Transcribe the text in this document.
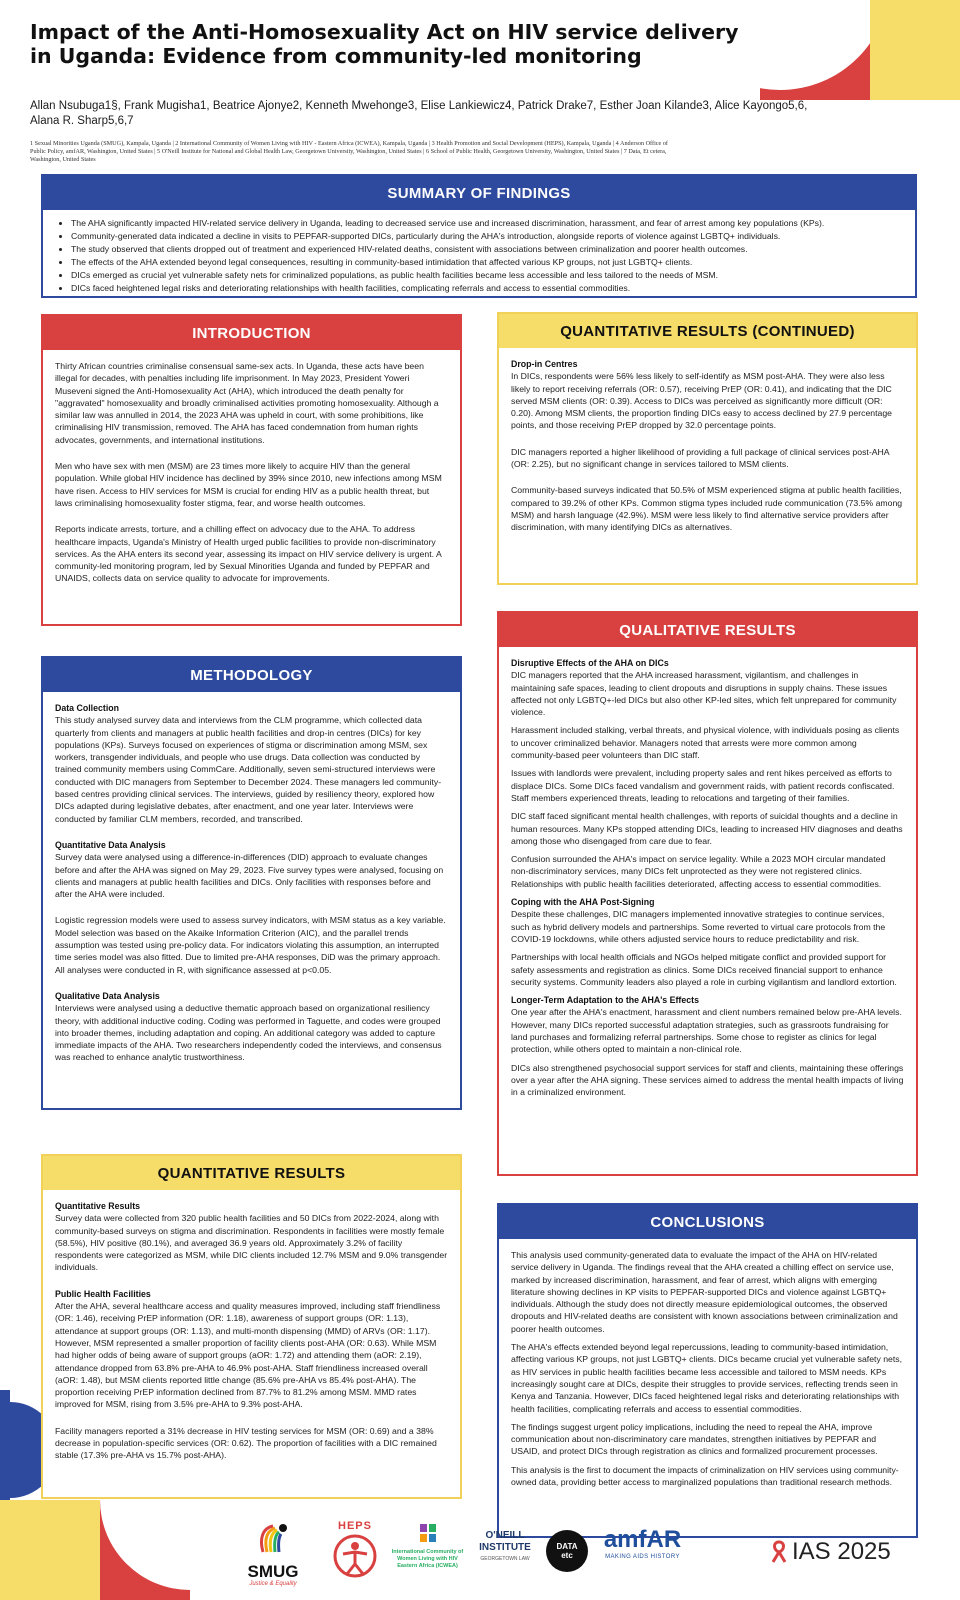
Impact of the Anti-Homosexuality Act on HIV service delivery in Uganda: Evidence from community-led monitoring
Allan Nsubuga1§, Frank Mugisha1, Beatrice Ajonye2, Kenneth Mwehonge3, Elise Lankiewicz4, Patrick Drake7, Esther Joan Kilande3, Alice Kayongo5,6, Alana R. Sharp5,6,7
1 Sexual Minorities Uganda (SMUG), Kampala, Uganda | 2 International Community of Women Living with HIV - Eastern Africa (ICWEA), Kampala, Uganda | 3 Health Promotion and Social Development (HEPS), Kampala, Uganda | 4 Anderson Office of Public Policy, amfAR, Washington, United States | 5 O'Neill Institute for National and Global Health Law, Georgetown University, Washington, United States | 6 School of Public Health, Georgetown University, Washington, United States | 7 Data, Et cetera, Washington, United States
SUMMARY OF FINDINGS
• The AHA significantly impacted HIV-related service delivery in Uganda, leading to decreased service use and increased discrimination, harassment, and fear of arrest among key populations (KPs).
• Community-generated data indicated a decline in visits to PEPFAR-supported DICs, particularly during the AHA's introduction, alongside reports of violence against LGBTQ+ individuals.
• The study observed that clients dropped out of treatment and experienced HIV-related deaths, consistent with associations between criminalization and poorer health outcomes.
• The effects of the AHA extended beyond legal consequences, resulting in community-based intimidation that affected various KP groups, not just LGBTQ+ clients.
• DICs emerged as crucial yet vulnerable safety nets for criminalized populations, as public health facilities became less accessible and less tailored to the needs of MSM.
• DICs faced heightened legal risks and deteriorating relationships with health facilities, complicating referrals and access to essential commodities.
INTRODUCTION

Thirty African countries criminalise consensual same-sex acts. In Uganda, these acts have been illegal for decades, with penalties including life imprisonment. In May 2023, President Yoweri Museveni signed the Anti-Homosexuality Act (AHA), which introduced the death penalty for "aggravated" homosexuality and broadly criminalised activities promoting homosexuality. Although a similar law was annulled in 2014, the 2023 AHA was upheld in court, with some prohibitions, like criminalising HIV transmission, removed. The AHA has faced condemnation from human rights advocates, governments, and international institutions.

Men who have sex with men (MSM) are 23 times more likely to acquire HIV than the general population. While global HIV incidence has declined by 39% since 2010, new infections among MSM have risen. Access to HIV services for MSM is crucial for ending HIV as a public health threat, but laws criminalising homosexuality foster stigma, fear, and worse health outcomes.

Reports indicate arrests, torture, and a chilling effect on advocacy due to the AHA. To address healthcare impacts, Uganda's Ministry of Health urged public facilities to provide non-discriminatory services. As the AHA enters its second year, assessing its impact on HIV service delivery is urgent. A community-led monitoring program, led by Sexual Minorities Uganda and funded by PEPFAR and UNAIDS, collects data on service quality to advocate for improvements.

METHODOLOGY
Data Collection

This study analysed survey data and interviews from the CLM programme, which collected data quarterly from clients and managers at public health facilities and drop-in centres (DICs) for key populations (KPs). Surveys focused on experiences of stigma or discrimination among MSM, sex workers, transgender individuals, and people who use drugs. Data collection was conducted by trained community members using CommCare. Additionally, seven semi-structured interviews were conducted with DIC managers from September to December 2024. These managers led community-based centres providing clinical services. The interviews, guided by resiliency theory, explored how DICs adapted during legislative debates, after enactment, and one year later. Interviews were conducted by familiar CLM members, recorded, and transcribed.

Quantitative Data Analysis

Survey data were analysed using a difference-in-differences (DID) approach to evaluate changes before and after the AHA was signed on May 29, 2023. Five survey types were analysed, focusing on clients and managers at public health facilities and DICs. Only facilities with responses before and after the AHA were included.

Logistic regression models were used to assess survey indicators, with MSM status as a key variable. Model selection was based on the Akaike Information Criterion (AIC), and the parallel trends assumption was tested using pre-policy data. For indicators violating this assumption, an interrupted time series model was also fitted. Due to limited pre-AHA responses, DiD was the primary approach. All analyses were conducted in R, with significance assessed at p<0.05.

Qualitative Data Analysis

Interviews were analysed using a deductive thematic approach based on organizational resiliency theory, with additional inductive coding. Coding was performed in Taguette, and codes were grouped into broader themes, including adaptation and coping. An additional category was added to capture immediate impacts of the AHA. Two researchers independently coded the interviews, and consensus was reached to enhance analytic trustworthiness.

QUANTITATIVE RESULTS
Quantitative Results

Survey data were collected from 320 public health facilities and 50 DICs from 2022-2024, along with community-based surveys on stigma and discrimination. Respondents in facilities were mostly female (58.5%), HIV positive (80.1%), and averaged 36.9 years old. Approximately 3.2% of facility respondents were categorized as MSM, while DIC clients included 12.7% MSM and 9.0% transgender individuals.

Public Health Facilities

After the AHA, several healthcare access and quality measures improved, including staff friendliness (OR: 1.46), receiving PrEP information (OR: 1.18), awareness of support groups (OR: 1.13), attendance at support groups (OR: 1.13), and multi-month dispensing (MMD) of ARVs (OR: 1.17). However, MSM represented a smaller proportion of facility clients post-AHA (OR: 0.63). While MSM had higher odds of being aware of support groups (aOR: 1.72) and attending them (aOR: 2.19), attendance dropped from 63.8% pre-AHA to 46.9% post-AHA. Staff friendliness increased overall (aOR: 1.48), but MSM clients reported little change (85.6% pre-AHA vs 85.4% post-AHA). The proportion receiving PrEP information declined from 87.7% to 81.2% among MSM. MMD rates improved for MSM, rising from 3.5% pre-AHA to 9.3% post-AHA.

Facility managers reported a 31% decrease in HIV testing services for MSM (OR: 0.69) and a 38% decrease in population-specific services (OR: 0.62). The proportion of facilities with a DIC remained stable (17.3% pre-AHA vs 15.7% post-AHA).

QUANTITATIVE RESULTS (CONTINUED)
Drop-in Centres

In DICs, respondents were 56% less likely to self-identify as MSM post-AHA. They were also less likely to report receiving referrals (OR: 0.57), receiving PrEP (OR: 0.41), and indicating that the DIC served MSM clients (OR: 0.39). Access to DICs was perceived as significantly more difficult (OR: 0.20). Among MSM clients, the proportion finding DICs easy to access declined by 27.9 percentage points, and those receiving PrEP dropped by 32.0 percentage points.

DIC managers reported a higher likelihood of providing a full package of clinical services post-AHA (OR: 2.25), but no significant change in services tailored to MSM clients.

Community-based surveys indicated that 50.5% of MSM experienced stigma at public health facilities, compared to 39.2% of other KPs. Common stigma types included rude communication (73.5% among MSM) and harsh language (42.9%). MSM were less likely to find alternative service providers after discrimination, with many identifying DICs as alternatives.

QUALITATIVE RESULTS
Disruptive Effects of the AHA on DICs

DIC managers reported that the AHA increased harassment, vigilantism, and challenges in maintaining safe spaces, leading to client dropouts and disruptions in supply chains. These issues affected not only LGBTQ+-led DICs but also other KP-led sites, which felt unprepared for community violence.

Harassment included stalking, verbal threats, and physical violence, with individuals posing as clients to uncover criminalized behavior. Managers noted that arrests were more common among community-based peer volunteers than DIC staff.

Issues with landlords were prevalent, including property sales and rent hikes perceived as efforts to displace DICs. Some DICs faced vandalism and government raids, with patient records confiscated. Staff members experienced threats, leading to relocations and targeting of their families.

DIC staff faced significant mental health challenges, with reports of suicidal thoughts and a decline in human resources. Many KPs stopped attending DICs, leading to increased HIV diagnoses and deaths among those who disengaged from care due to fear.

Confusion surrounded the AHA's impact on service legality. While a 2023 MOH circular mandated non-discriminatory services, many DICs felt unprotected as they were not registered clinics. Relationships with public health facilities deteriorated, affecting access to essential commodities.

Coping with the AHA Post-Signing

Despite these challenges, DIC managers implemented innovative strategies to continue services, such as hybrid delivery models and partnerships. Some reverted to virtual care protocols from the COVID-19 lockdowns, while others adjusted service hours to reduce predictability and risk.

Partnerships with local health officials and NGOs helped mitigate conflict and provided support for safety assessments and registration as clinics. Some DICs received financial support to enhance security systems. Community leaders also played a role in curbing vigilantism and landlord extortion.

Longer-Term Adaptation to the AHA's Effects

One year after the AHA's enactment, harassment and client numbers remained below pre-AHA levels. However, many DICs reported successful adaptation strategies, such as grassroots fundraising for land purchases and formalizing referral partnerships. Some chose to register as clinics for legal protection, while others opted to maintain a non-clinical role.

DICs also strengthened psychosocial support services for staff and clients, maintaining these offerings over a year after the AHA signing. These services aimed to address the mental health impacts of living in a criminalized environment.

CONCLUSIONS

This analysis used community-generated data to evaluate the impact of the AHA on HIV-related service delivery in Uganda. The findings reveal that the AHA created a chilling effect on service use, marked by increased discrimination, harassment, and fear of arrest, which aligns with emerging literature showing declines in KP visits to PEPFAR-supported DICs and violence against LGBTQ+ individuals. Although the study does not directly measure epidemiological outcomes, the observed dropouts and HIV-related deaths are consistent with known associations between criminalization and poorer health outcomes.

The AHA's effects extended beyond legal repercussions, leading to community-based intimidation, affecting various KP groups, not just LGBTQ+ clients. DICs became crucial yet vulnerable safety nets, as HIV services in public health facilities became less accessible and tailored to MSM needs. KPs increasingly sought care at DICs, despite their struggles to provide services, reflecting trends seen in Kenya and Tanzania. However, DICs faced heightened legal risks and deteriorating relationships with health facilities, complicating referrals and access to essential commodities.

The findings suggest urgent policy implications, including the need to repeal the AHA, improve communication about non-discriminatory care mandates, strengthen initiatives by PEPFAR and USAID, and protect DICs through registration as clinics and formalized procurement processes.

This analysis is the first to document the impacts of criminalization on HIV services using community-owned data, providing better access to marginalized populations than traditional research methods.

SMUG
Justice & Equality
HEPS
International Community of Women Living with HIV Eastern Africa (ICWEA)
O'NEILL INSTITUTE
GEORGETOWN LAW
DATA etc
amfAR
MAKING AIDS HISTORY	IAS 2025
